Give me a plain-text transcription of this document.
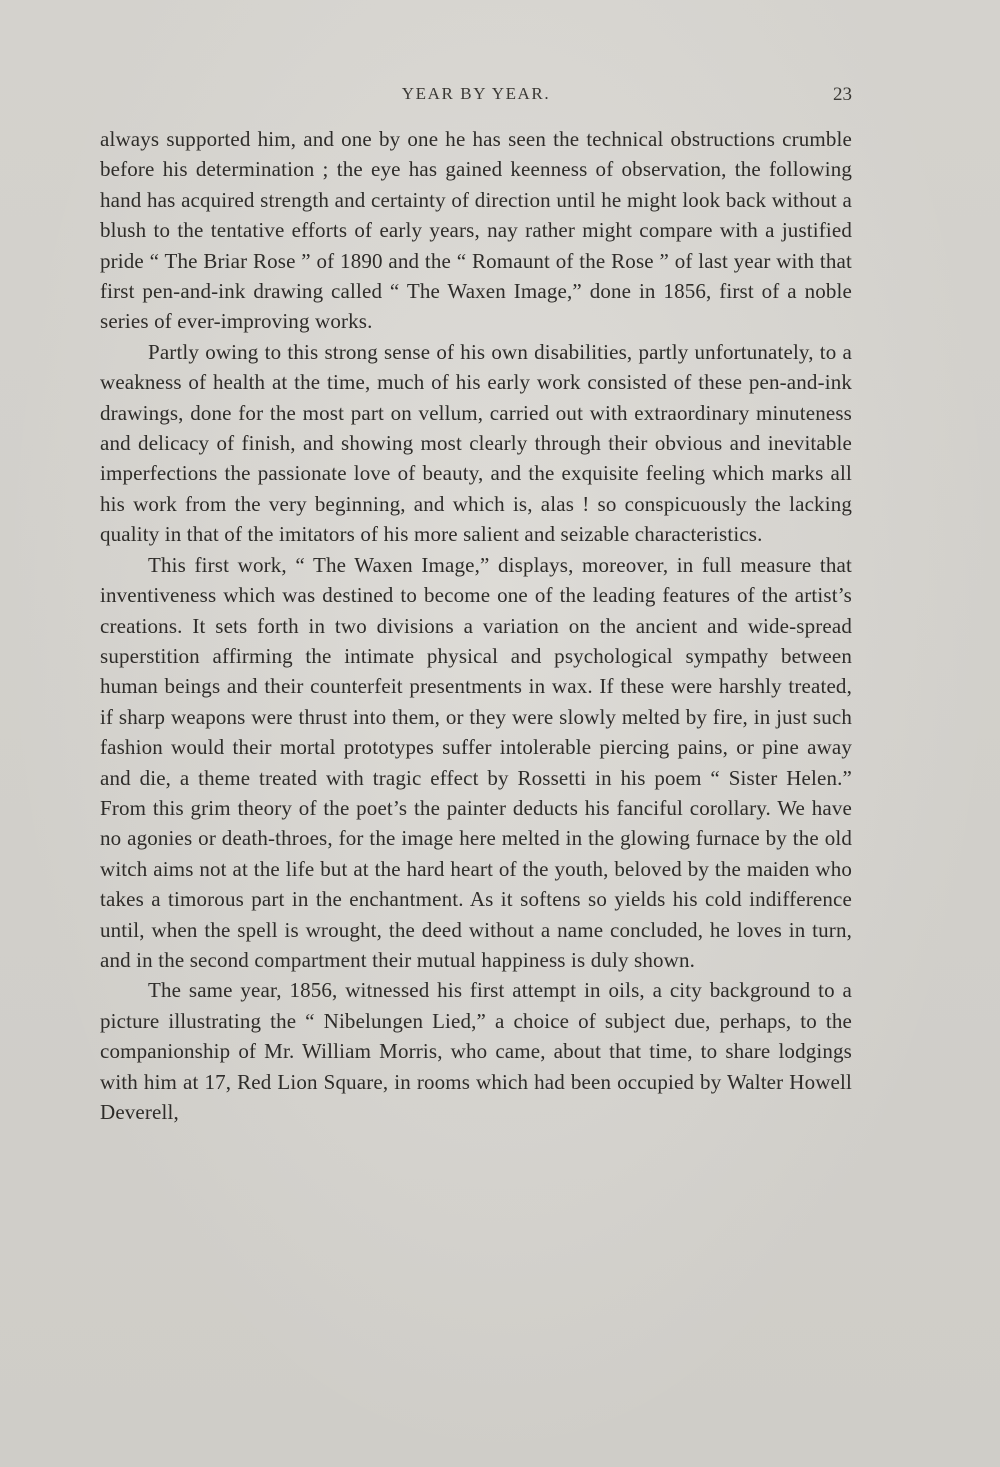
YEAR BY YEAR.	23

always supported him, and one by one he has seen the technical obstructions crumble before his determination ; the eye has gained keenness of observation, the following hand has acquired strength and certainty of direction until he might look back without a blush to the tentative efforts of early years, nay rather might compare with a justified pride “ The Briar Rose ” of 1890 and the “ Romaunt of the Rose ” of last year with that first pen-and-ink drawing called “ The Waxen Image,” done in 1856, first of a noble series of ever-improving works.

Partly owing to this strong sense of his own disabilities, partly unfortunately, to a weakness of health at the time, much of his early work consisted of these pen-and-ink drawings, done for the most part on vellum, carried out with extraordinary minuteness and delicacy of finish, and showing most clearly through their obvious and inevitable imperfections the passionate love of beauty, and the exquisite feeling which marks all his work from the very beginning, and which is, alas ! so conspicuously the lacking quality in that of the imitators of his more salient and seizable characteristics.

This first work, “ The Waxen Image,” displays, moreover, in full measure that inventiveness which was destined to become one of the leading features of the artist’s creations. It sets forth in two divisions a variation on the ancient and wide-spread superstition affirming the intimate physical and psychological sympathy between human beings and their counterfeit presentments in wax. If these were harshly treated, if sharp weapons were thrust into them, or they were slowly melted by fire, in just such fashion would their mortal prototypes suffer intolerable piercing pains, or pine away and die, a theme treated with tragic effect by Rossetti in his poem “ Sister Helen.” From this grim theory of the poet’s the painter deducts his fanciful corollary. We have no agonies or death-throes, for the image here melted in the glowing furnace by the old witch aims not at the life but at the hard heart of the youth, beloved by the maiden who takes a timorous part in the enchantment. As it softens so yields his cold indifference until, when the spell is wrought, the deed without a name concluded, he loves in turn, and in the second compartment their mutual happiness is duly shown.

The same year, 1856, witnessed his first attempt in oils, a city background to a picture illustrating the “ Nibelungen Lied,” a choice of subject due, perhaps, to the companionship of Mr. William Morris, who came, about that time, to share lodgings with him at 17, Red Lion Square, in rooms which had been occupied by Walter Howell Deverell,
